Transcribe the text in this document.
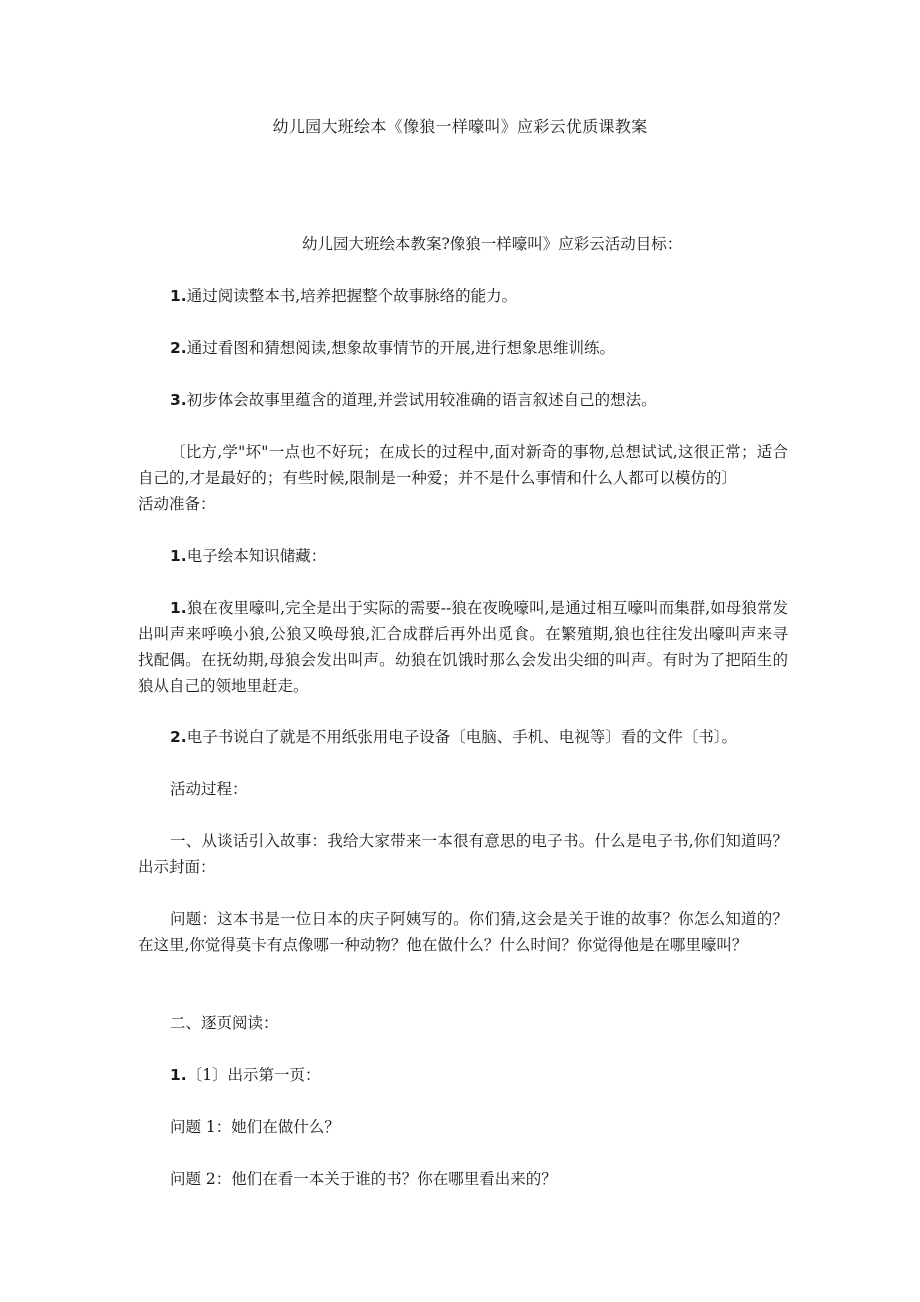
幼儿园大班绘本《像狼一样嚎叫》应彩云优质课教案
幼儿园大班绘本教案?像狼一样嚎叫》应彩云活动目标：

1.通过阅读整本书,培养把握整个故事脉络的能力。

2.通过看图和猜想阅读,想象故事情节的开展,进行想象思维训练。

3.初步体会故事里蕴含的道理,并尝试用较准确的语言叙述自己的想法。

〔比方,学"坏"一点也不好玩；在成长的过程中,面对新奇的事物,总想试试,这很正常；适合自己的,才是最好的；有些时候,限制是一种爱；并不是什么事情和什么人都可以模仿的〕
活动准备：

1.电子绘本知识储藏：

1.狼在夜里嚎叫,完全是出于实际的需要--狼在夜晚嚎叫,是通过相互嚎叫而集群,如母狼常发出叫声来呼唤小狼,公狼又唤母狼,汇合成群后再外出觅食。在繁殖期,狼也往往发出嚎叫声来寻找配偶。在抚幼期,母狼会发出叫声。幼狼在饥饿时那么会发出尖细的叫声。有时为了把陌生的狼从自己的领地里赶走。

2.电子书说白了就是不用纸张用电子设备〔电脑、手机、电视等〕看的文件〔书〕。

活动过程：

一、从谈话引入故事：我给大家带来一本很有意思的电子书。什么是电子书,你们知道吗？出示封面：

问题：这本书是一位日本的庆子阿姨写的。你们猜,这会是关于谁的故事？你怎么知道的？在这里,你觉得莫卡有点像哪一种动物？他在做什么？什么时间？你觉得他是在哪里嚎叫？

二、逐页阅读：

1.〔1〕出示第一页：

问题 1：她们在做什么？

问题 2：他们在看一本关于谁的书？你在哪里看出来的？
